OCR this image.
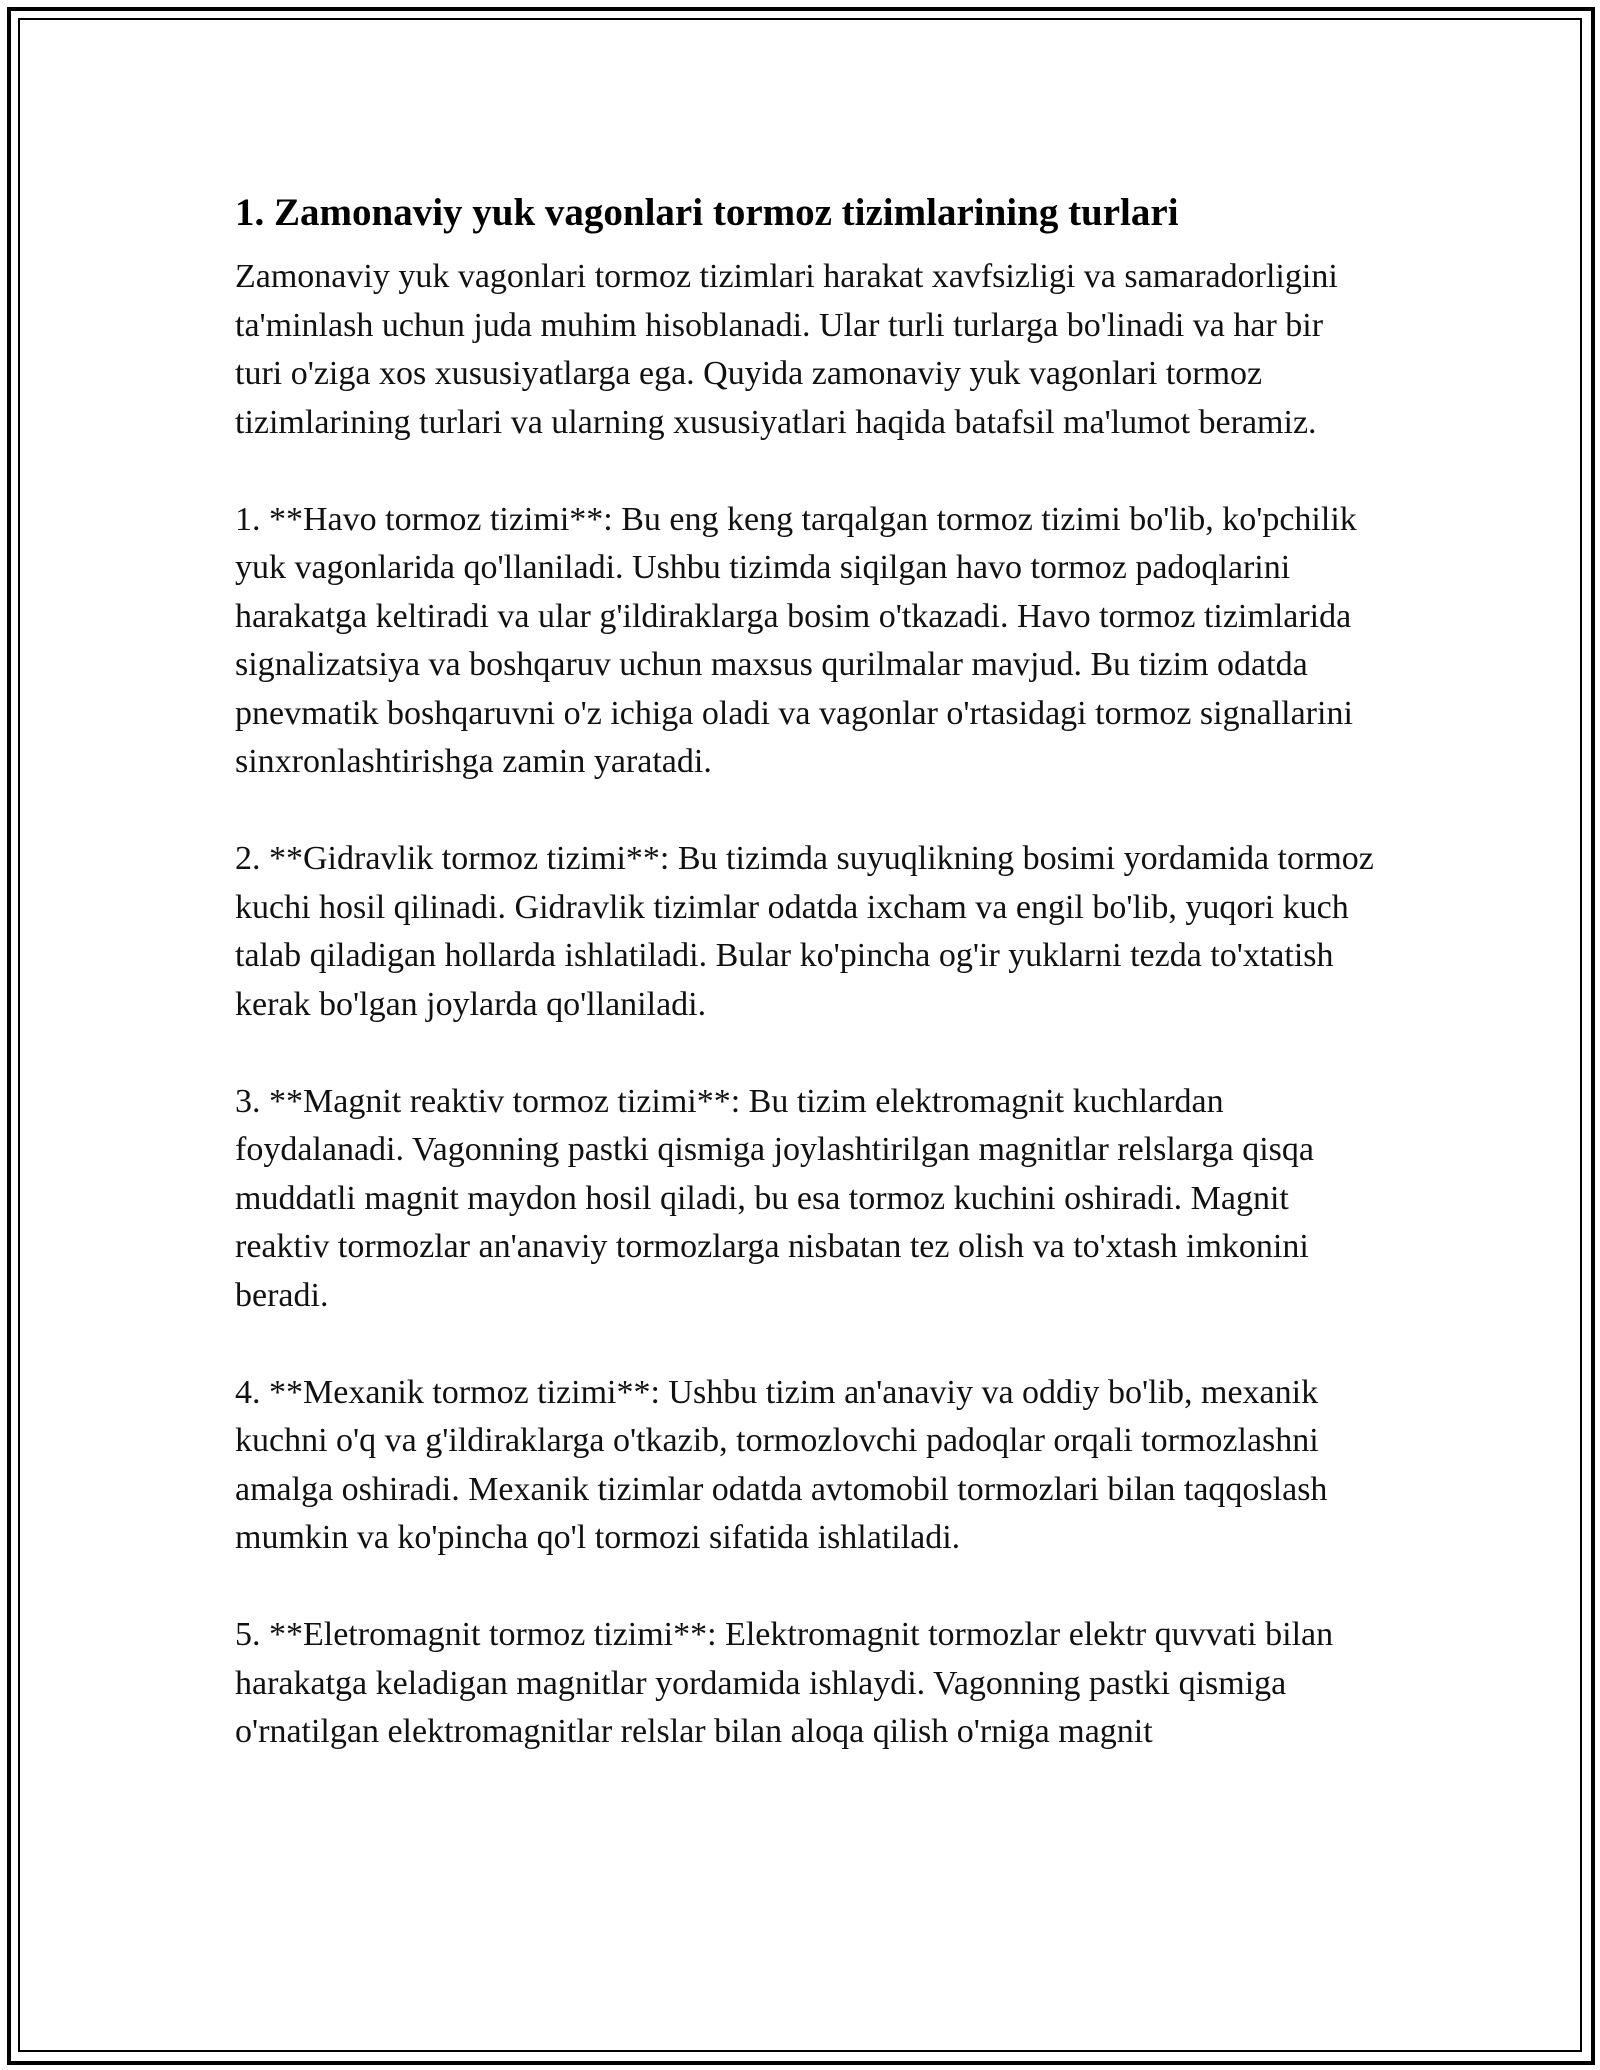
1. Zamonaviy yuk vagonlari tormoz tizimlarining turlari

Zamonaviy yuk vagonlari tormoz tizimlari harakat xavfsizligi va samaradorligini ta'minlash uchun juda muhim hisoblanadi. Ular turli turlarga bo'linadi va har bir turi o'ziga xos xususiyatlarga ega. Quyida zamonaviy yuk vagonlari tormoz tizimlarining turlari va ularning xususiyatlari haqida batafsil ma'lumot beramiz.

1. **Havo tormoz tizimi**: Bu eng keng tarqalgan tormoz tizimi bo'lib, ko'pchilik yuk vagonlarida qo'llaniladi. Ushbu tizimda siqilgan havo tormoz padoqlarini harakatga keltiradi va ular g'ildiraklarga bosim o'tkazadi. Havo tormoz tizimlarida signalizatsiya va boshqaruv uchun maxsus qurilmalar mavjud. Bu tizim odatda pnevmatik boshqaruvni o'z ichiga oladi va vagonlar o'rtasidagi tormoz signallarini sinxronlashtirishga zamin yaratadi.

2. **Gidravlik tormoz tizimi**: Bu tizimda suyuqlikning bosimi yordamida tormoz kuchi hosil qilinadi. Gidravlik tizimlar odatda ixcham va engil bo'lib, yuqori kuch talab qiladigan hollarda ishlatiladi. Bular ko'pincha og'ir yuklarni tezda to'xtatish kerak bo'lgan joylarda qo'llaniladi.

3. **Magnit reaktiv tormoz tizimi**: Bu tizim elektromagnit kuchlardan foydalanadi. Vagonning pastki qismiga joylashtirilgan magnitlar relslarga qisqa muddatli magnit maydon hosil qiladi, bu esa tormoz kuchini oshiradi. Magnit reaktiv tormozlar an'anaviy tormozlarga nisbatan tez olish va to'xtash imkonini beradi.

4. **Mexanik tormoz tizimi**: Ushbu tizim an'anaviy va oddiy bo'lib, mexanik kuchni o'q va g'ildiraklarga o'tkazib, tormozlovchi padoqlar orqali tormozlashni amalga oshiradi. Mexanik tizimlar odatda avtomobil tormozlari bilan taqqoslash mumkin va ko'pincha qo'l tormozi sifatida ishlatiladi.

5. **Eletromagnit tormoz tizimi**: Elektromagnit tormozlar elektr quvvati bilan harakatga keladigan magnitlar yordamida ishlaydi. Vagonning pastki qismiga o'rnatilgan elektromagnitlar relslar bilan aloqa qilish o'rniga magnit
